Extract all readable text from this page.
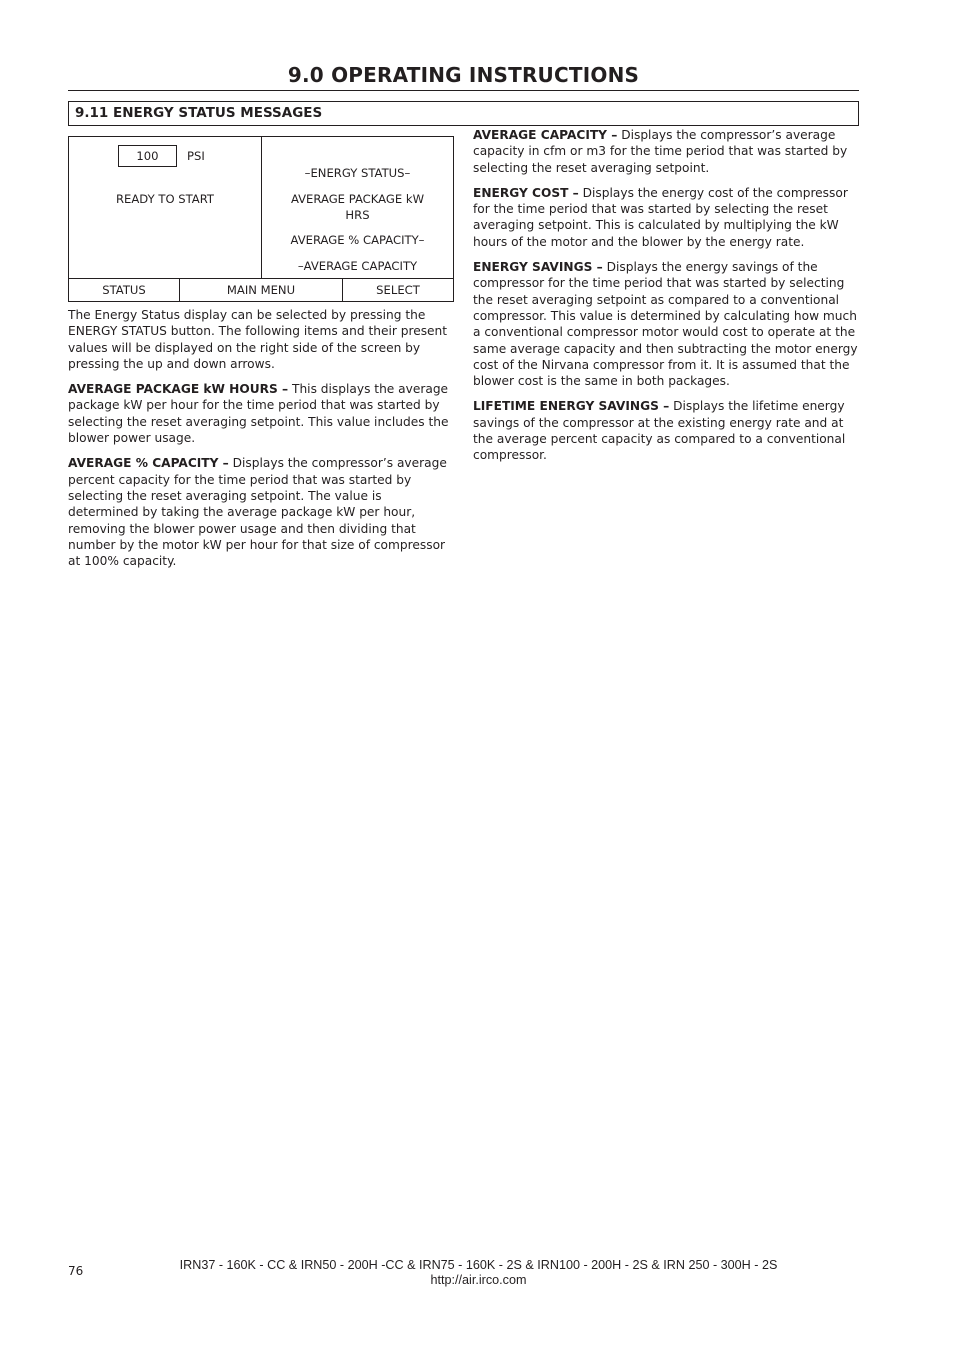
9.0 OPERATING INSTRUCTIONS
9.11 ENERGY STATUS MESSAGES
100	PSI
READY TO START
–ENERGY STATUS–
AVERAGE PACKAGE kW
HRS
AVERAGE % CAPACITY–
–AVERAGE CAPACITY
STATUS	MAIN MENU	SELECT

The Energy Status display can be selected by pressing the ENERGY STATUS button. The following items and their present values will be displayed on the right side of the screen by pressing the up and down arrows.

AVERAGE PACKAGE kW HOURS – This displays the average package kW per hour for the time period that was started by selecting the reset averaging setpoint. This value includes the blower power usage.

AVERAGE % CAPACITY – Displays the compressor’s average percent capacity for the time period that was started by selecting the reset averaging setpoint. The value is determined by taking the average package kW per hour, removing the blower power usage and then dividing that number by the motor kW per hour for that size of compressor at 100% capacity.

AVERAGE CAPACITY – Displays the compressor’s average capacity in cfm or m3 for the time period that was started by selecting the reset averaging setpoint.

ENERGY COST – Displays the energy cost of the compressor for the time period that was started by selecting the reset averaging setpoint. This is calculated by multiplying the kW hours of the motor and the blower by the energy rate.

ENERGY SAVINGS – Displays the energy savings of the compressor for the time period that was started by selecting the reset averaging setpoint as compared to a conventional compressor. This value is determined by calculating how much a conventional compressor motor would cost to operate at the same average capacity and then subtracting the motor energy cost of the Nirvana compressor from it. It is assumed that the blower cost is the same in both packages.

LIFETIME ENERGY SAVINGS – Displays the lifetime energy savings of the compressor at the existing energy rate and at the average percent capacity as compared to a conventional compressor.

76	IRN37 - 160K - CC & IRN50 - 200H -CC & IRN75 - 160K - 2S & IRN100 - 200H - 2S & IRN 250 - 300H - 2S
http://air.irco.com
